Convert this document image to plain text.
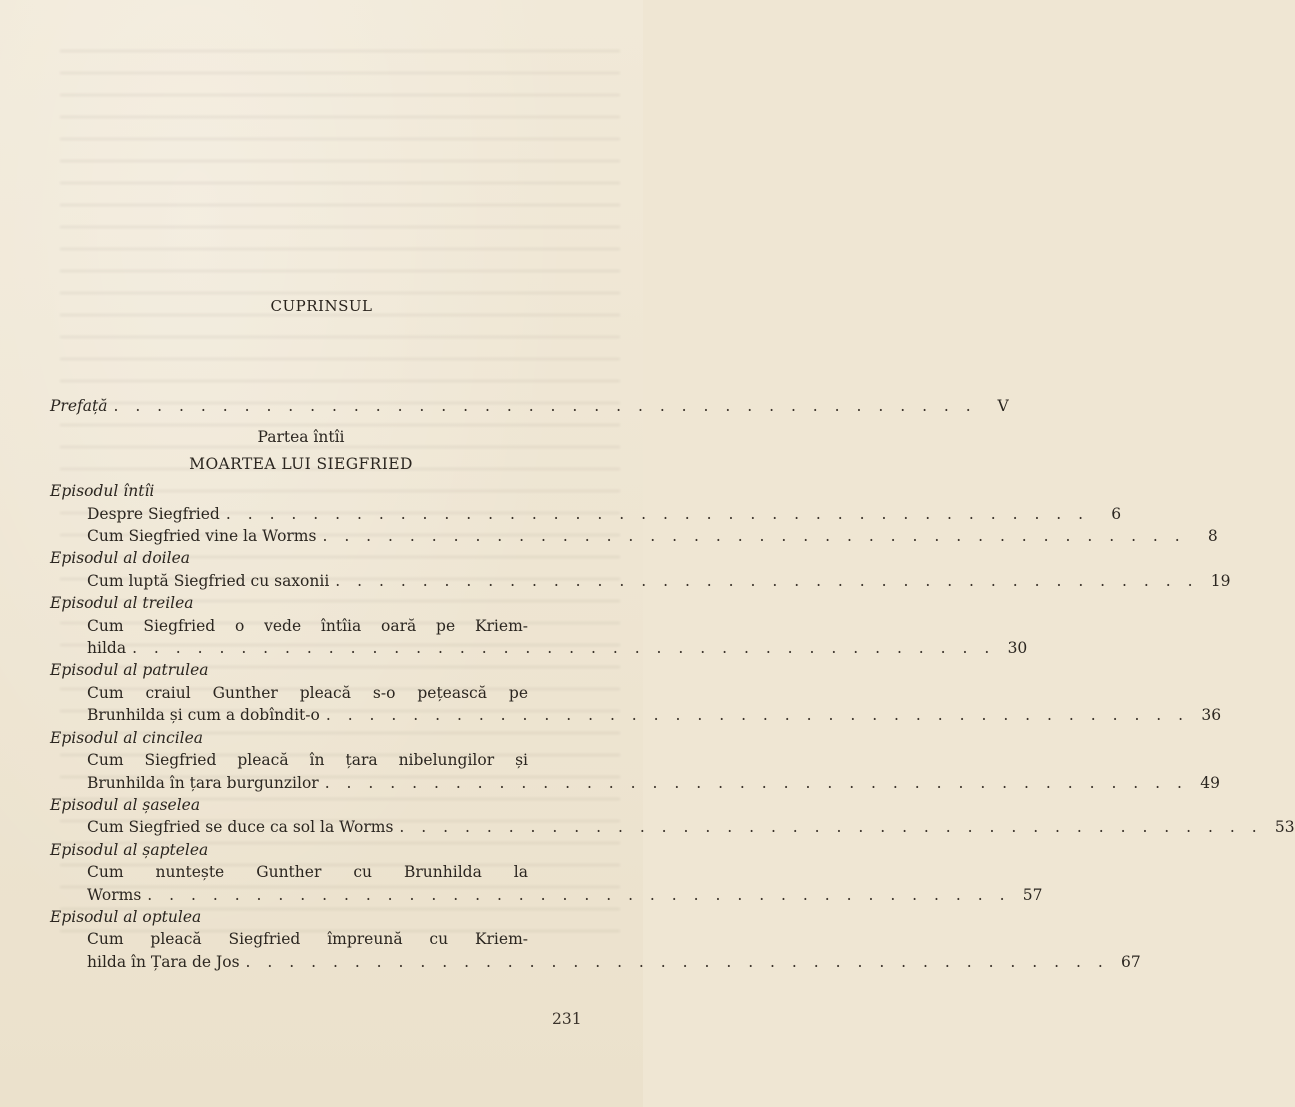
CUPRINSUL
Prefață . . . . . . . . . . . . . . . . . . . . . . . . . . . . . . . . . . . . . . . .	V
Partea întîi
MOARTEA LUI SIEGFRIED
Episodul întîi
Despre Siegfried . . . . . . . . . . . . . . . . . . . . . . . . . . . . . . . . . . . . . . . .	6
Cum Siegfried vine la Worms . . . . . . . . . . . . . . . . . . . . . . . . . . . . . . . . . . . . . . . .	8
Episodul al doilea
Cum luptă Siegfried cu saxonii . . . . . . . . . . . . . . . . . . . . . . . . . . . . . . . . . . . . . . . . 19
Episodul al treilea
Cum Siegfried o vede întîia oară pe Kriem-
hilda . . . . . . . . . . . . . . . . . . . . . . . . . . . . . . . . . . . . . . . . 30
Episodul al patrulea
Cum craiul Gunther pleacă s-o pețească pe
Brunhilda și cum a dobîndit-o . . . . . . . . . . . . . . . . . . . . . . . . . . . . . . . . . . . . . . . . 36
Episodul al cincilea
Cum Siegfried pleacă în țara nibelungilor și
Brunhilda în țara burgunzilor . . . . . . . . . . . . . . . . . . . . . . . . . . . . . . . . . . . . . . . . 49
Episodul al șaselea
Cum Siegfried se duce ca sol la Worms . . . . . . . . . . . . . . . . . . . . . . . . . . . . . . . . . . . . . . . . 53
Episodul al șaptelea
Cum nuntește Gunther cu Brunhilda la
Worms . . . . . . . . . . . . . . . . . . . . . . . . . . . . . . . . . . . . . . . . 57
Episodul al optulea
Cum pleacă Siegfried împreună cu Kriem-
hilda în Țara de Jos . . . . . . . . . . . . . . . . . . . . . . . . . . . . . . . . . . . . . . . . 67
231
